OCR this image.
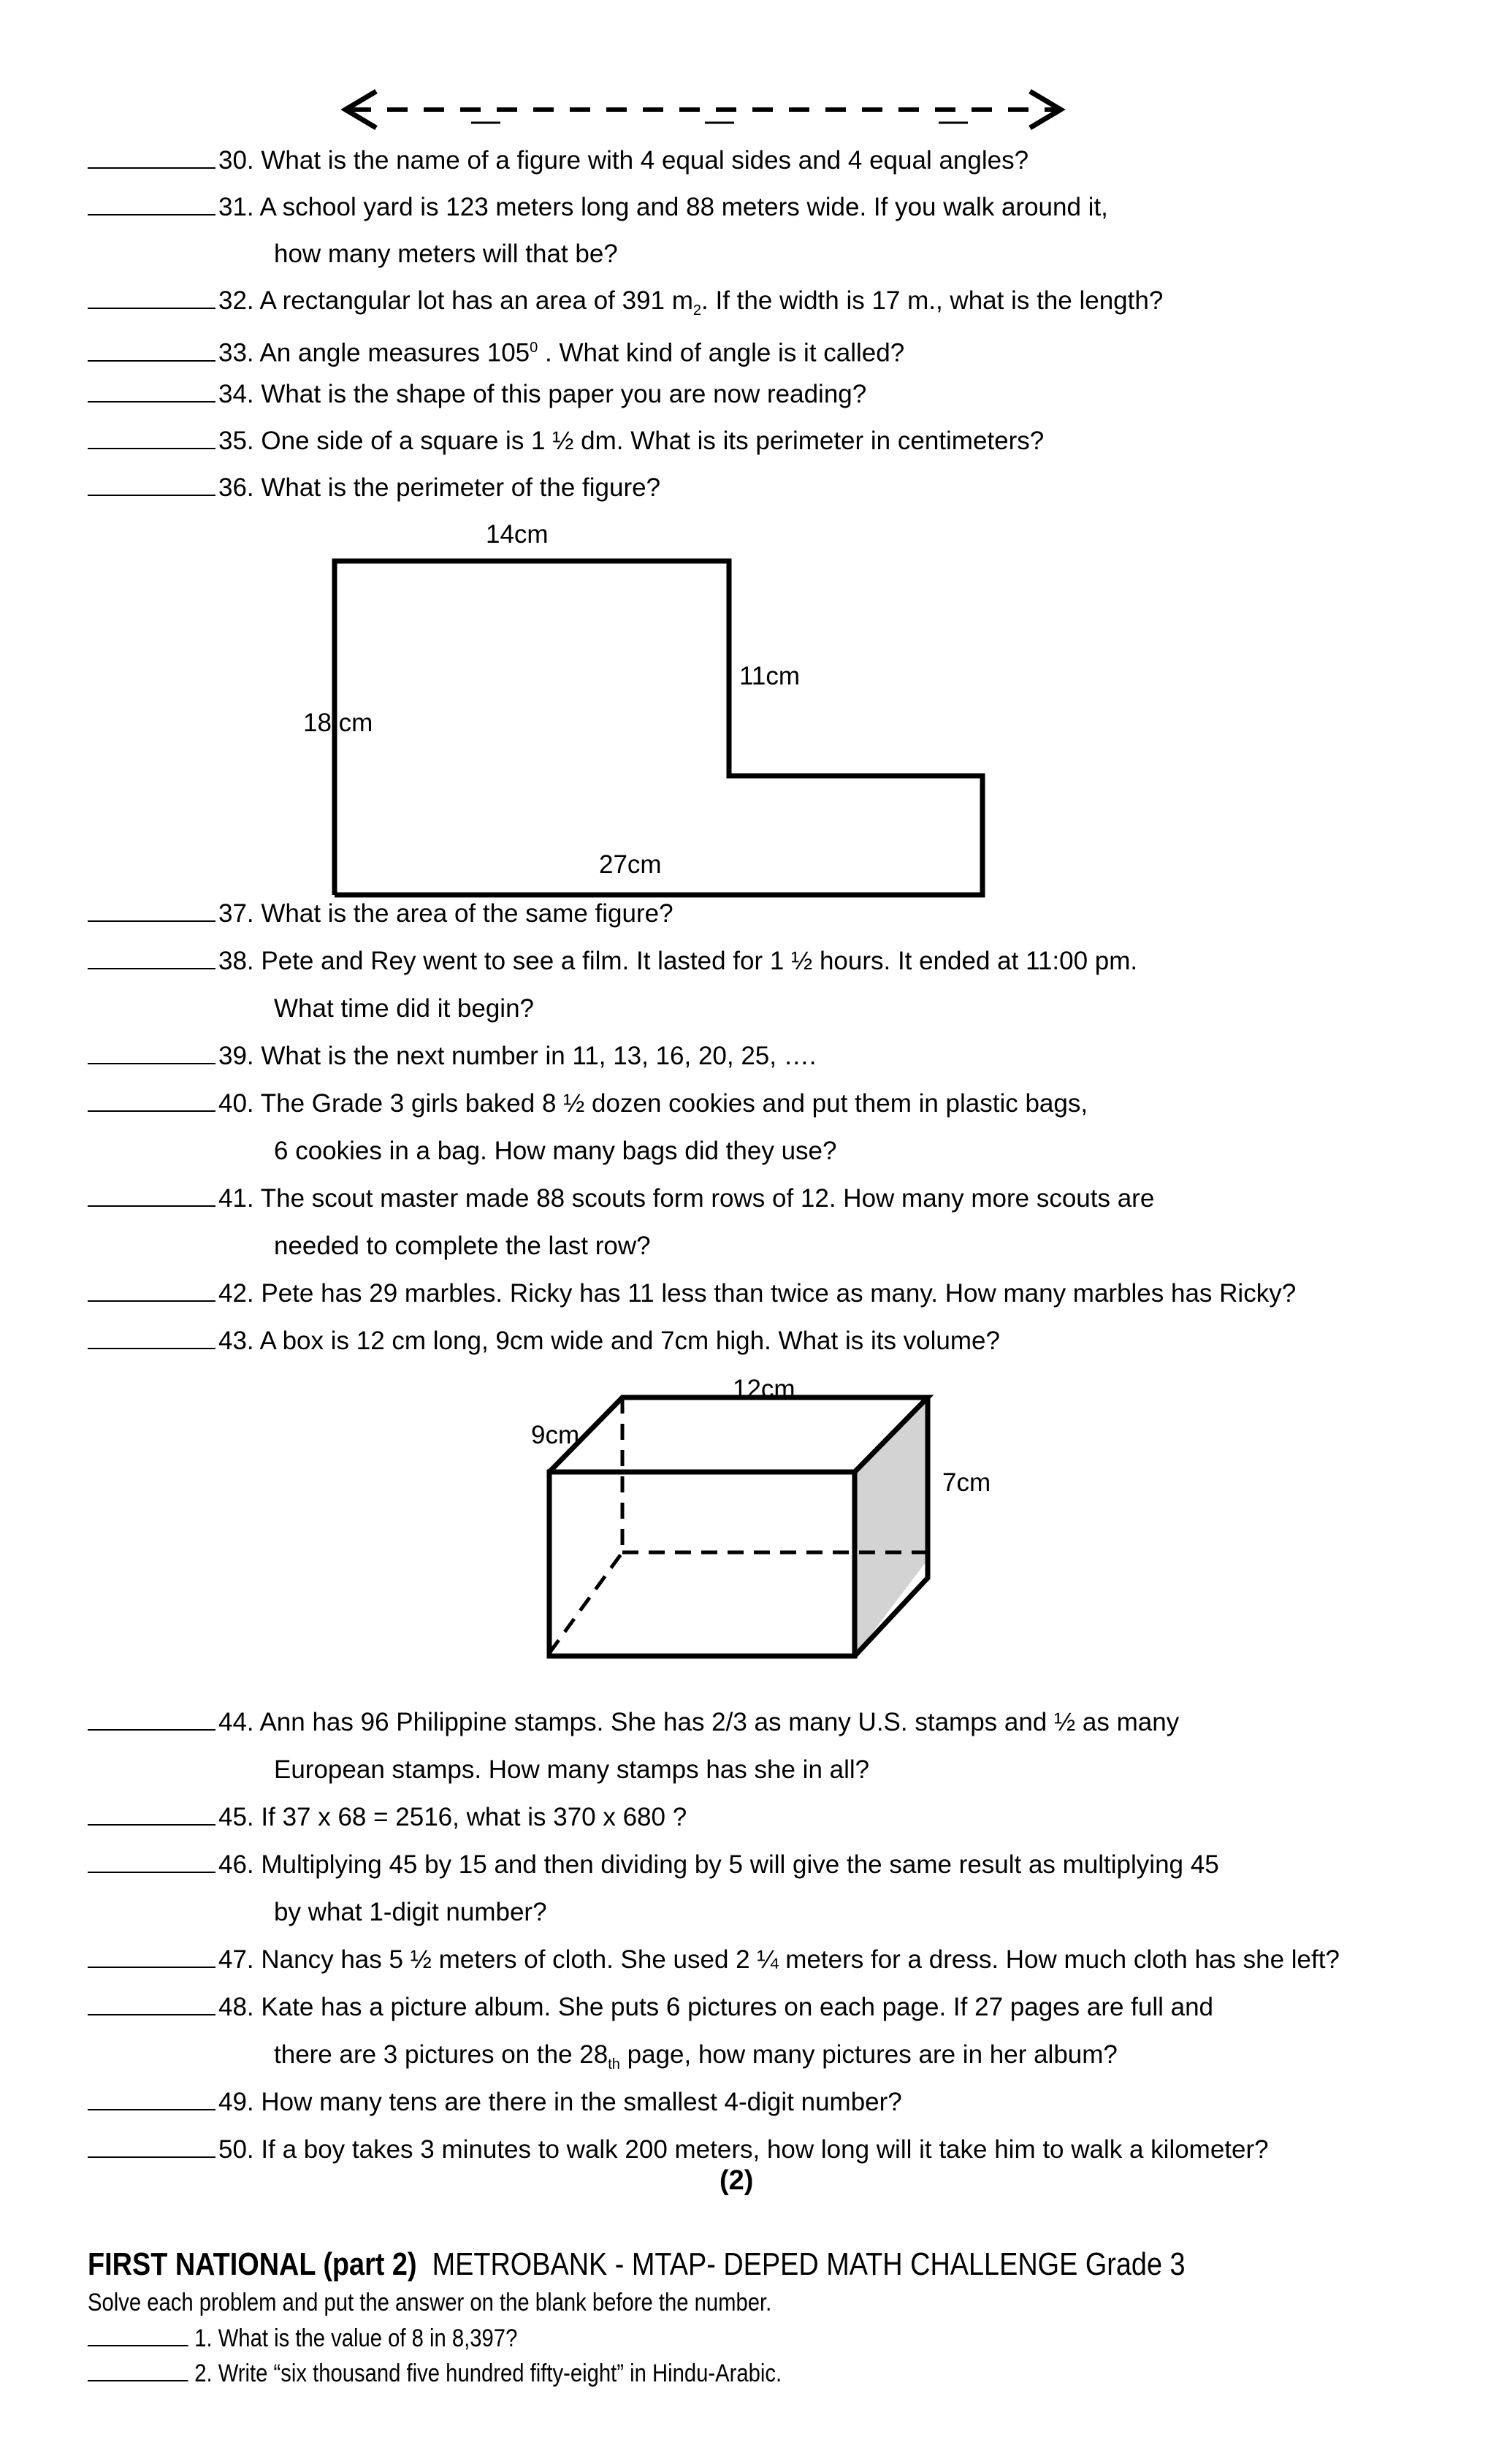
30. What is the name of a figure with 4 equal sides and 4 equal angles?
31. A school yard is 123 meters long and 88 meters wide. If you walk around it,
how many meters will that be?
32. A rectangular lot has an area of 391 $m_2$. If the width is 17 m., what is the length?
33. An angle measures $105^0$ . What kind of angle is it called?
34. What is the shape of this paper you are now reading?
35. One side of a square is 1 ½ dm. What is its perimeter in centimeters?
36. What is the perimeter of the figure?
14cm
11cm
18 cm
27cm
37. What is the area of the same figure?
38. Pete and Rey went to see a film. It lasted for 1 ½ hours. It ended at 11:00 pm.
What time did it begin?
39. What is the next number in 11, 13, 16, 20, 25, ….
40. The Grade 3 girls baked 8 ½ dozen cookies and put them in plastic bags,
6 cookies in a bag. How many bags did they use?
41. The scout master made 88 scouts form rows of 12. How many more scouts are
needed to complete the last row?
42. Pete has 29 marbles. Ricky has 11 less than twice as many. How many marbles has Ricky?
43. A box is 12 cm long, 9cm wide and 7cm high. What is its volume?
12cm
9cm
7cm
44. Ann has 96 Philippine stamps. She has 2/3 as many U.S. stamps and ½ as many
European stamps. How many stamps has she in all?
45. If 37 x 68 = 2516, what is 370 x 680 ?
46. Multiplying 45 by 15 and then dividing by 5 will give the same result as multiplying 45
by what 1-digit number?
47. Nancy has 5 ½ meters of cloth. She used 2 ¼ meters for a dress. How much cloth has she left?
48. Kate has a picture album. She puts 6 pictures on each page. If 27 pages are full and
there are 3 pictures on the $28_{th}$ page, how many pictures are in her album?
49. How many tens are there in the smallest 4-digit number?
50. If a boy takes 3 minutes to walk 200 meters, how long will it take him to walk a kilometer?
(2)
FIRST NATIONAL (part 2) METROBANK - MTAP- DEPED MATH CHALLENGE Grade 3
Solve each problem and put the answer on the blank before the number.
1. What is the value of 8 in 8,397?
2. Write “six thousand five hundred fifty-eight” in Hindu-Arabic.
